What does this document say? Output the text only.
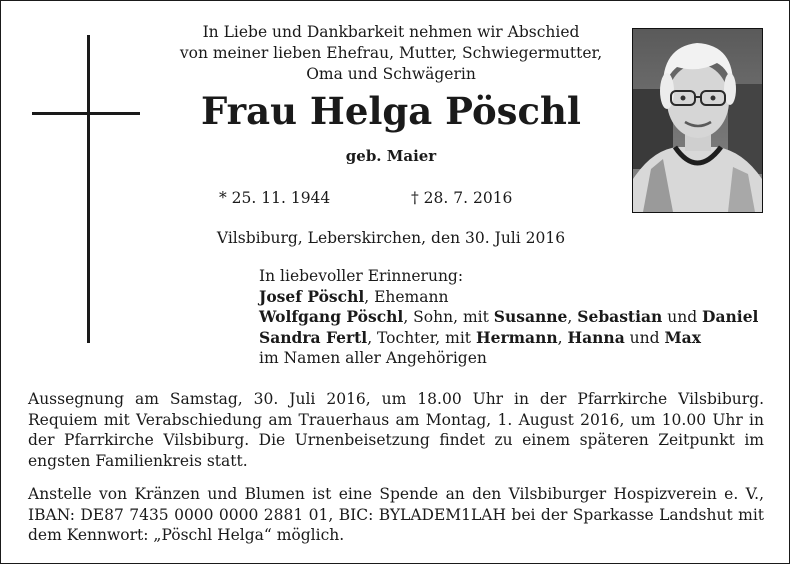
In Liebe und Dankbarkeit nehmen wir Abschied
von meiner lieben Ehefrau, Mutter, Schwiegermutter,
Oma und Schwägerin
Frau Helga Pöschl
geb. Maier
* 25. 11. 1944	† 28. 7. 2016
Vilsbiburg, Leberskirchen, den 30. Juli 2016
In liebevoller Erinnerung:
Josef Pöschl, Ehemann
Wolfgang Pöschl, Sohn, mit Susanne, Sebastian und Daniel
Sandra Fertl, Tochter, mit Hermann, Hanna und Max
im Namen aller Angehörigen
Aussegnung am Samstag, 30. Juli 2016, um 18.00 Uhr in der Pfarrkirche Vilsbiburg. Requiem mit Verabschiedung am Trauerhaus am Montag, 1. August 2016, um 10.00 Uhr in der Pfarrkirche Vilsbiburg. Die Urnenbeisetzung findet zu einem späteren Zeitpunkt im engsten Familienkreis statt.
Anstelle von Kränzen und Blumen ist eine Spende an den Vilsbiburger Hospizverein e. V., IBAN: DE87 7435 0000 0000 2881 01, BIC: BYLADEM1LAH bei der Sparkasse Landshut mit dem Kennwort: „Pöschl Helga“ möglich.
